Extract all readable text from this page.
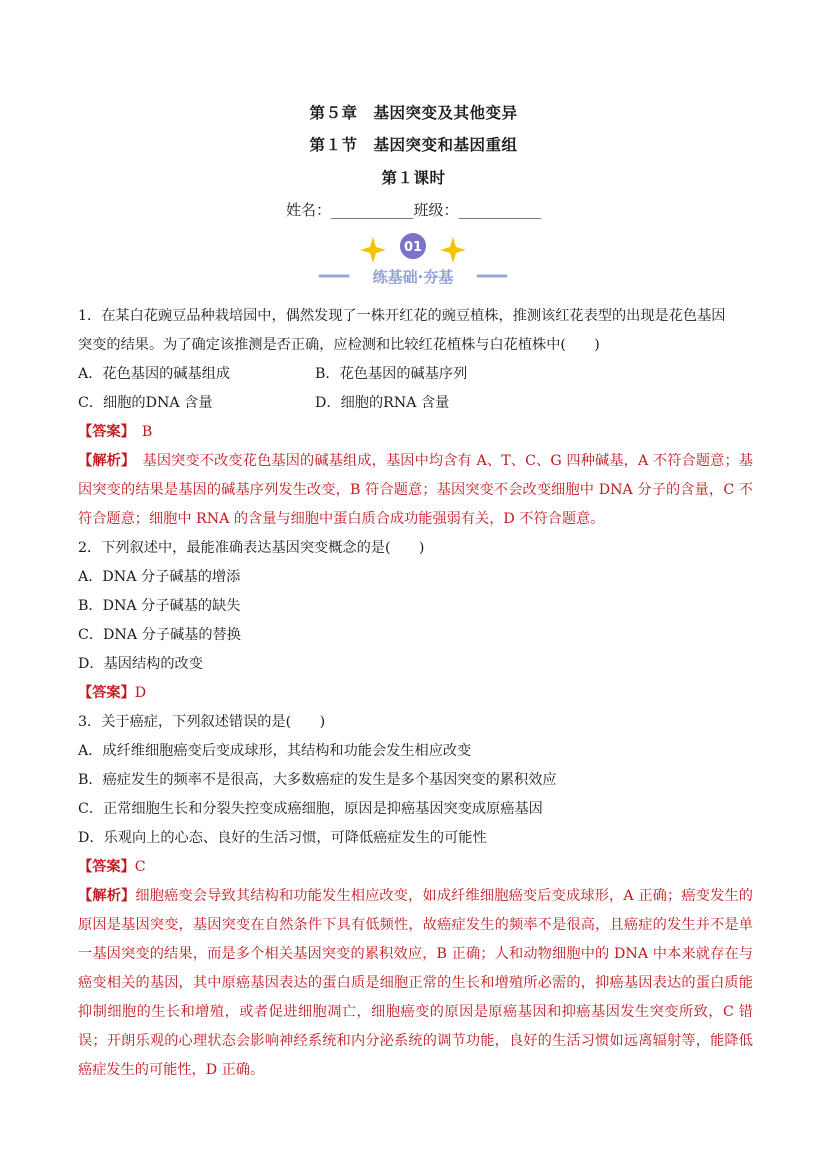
第５章　基因突变及其他变异
第１节　基因突变和基因重组
第１课时
姓名：___________班级：___________
01
练基础·夯基
1．在某白花豌豆品种栽培园中，偶然发现了一株开红花的豌豆植株，推测该红花表型的出现是花色基因
突变的结果。为了确定该推测是否正确，应检测和比较红花植株与白花植株中(　　)
A．花色基因的碱基组成	B．花色基因的碱基序列
C．细胞的DNA 含量	D．细胞的RNA 含量
【答案】　B
【解析】　基因突变不改变花色基因的碱基组成，基因中均含有 A、T、C、G 四种碱基，A 不符合题意；基因突变的结果是基因的碱基序列发生改变，B 符合题意；基因突变不会改变细胞中 DNA 分子的含量，C 不符合题意；细胞中 RNA 的含量与细胞中蛋白质合成功能强弱有关，D 不符合题意。
2．下列叙述中，最能准确表达基因突变概念的是(　　)
A．DNA 分子碱基的增添
B．DNA 分子碱基的缺失
C．DNA 分子碱基的替换
D．基因结构的改变
【答案】D
3．关于癌症，下列叙述错误的是(　　)
A．成纤维细胞癌变后变成球形，其结构和功能会发生相应改变
B．癌症发生的频率不是很高，大多数癌症的发生是多个基因突变的累积效应
C．正常细胞生长和分裂失控变成癌细胞，原因是抑癌基因突变成原癌基因
D．乐观向上的心态、良好的生活习惯，可降低癌症发生的可能性
【答案】C
【解析】细胞癌变会导致其结构和功能发生相应改变，如成纤维细胞癌变后变成球形，A 正确；癌变发生的原因是基因突变，基因突变在自然条件下具有低频性，故癌症发生的频率不是很高，且癌症的发生并不是单一基因突变的结果，而是多个相关基因突变的累积效应，B 正确；人和动物细胞中的 DNA 中本来就存在与癌变相关的基因，其中原癌基因表达的蛋白质是细胞正常的生长和增殖所必需的，抑癌基因表达的蛋白质能抑制细胞的生长和增殖，或者促进细胞凋亡，细胞癌变的原因是原癌基因和抑癌基因发生突变所致，C 错误；开朗乐观的心理状态会影响神经系统和内分泌系统的调节功能，良好的生活习惯如远离辐射等，能降低癌症发生的可能性，D 正确。
